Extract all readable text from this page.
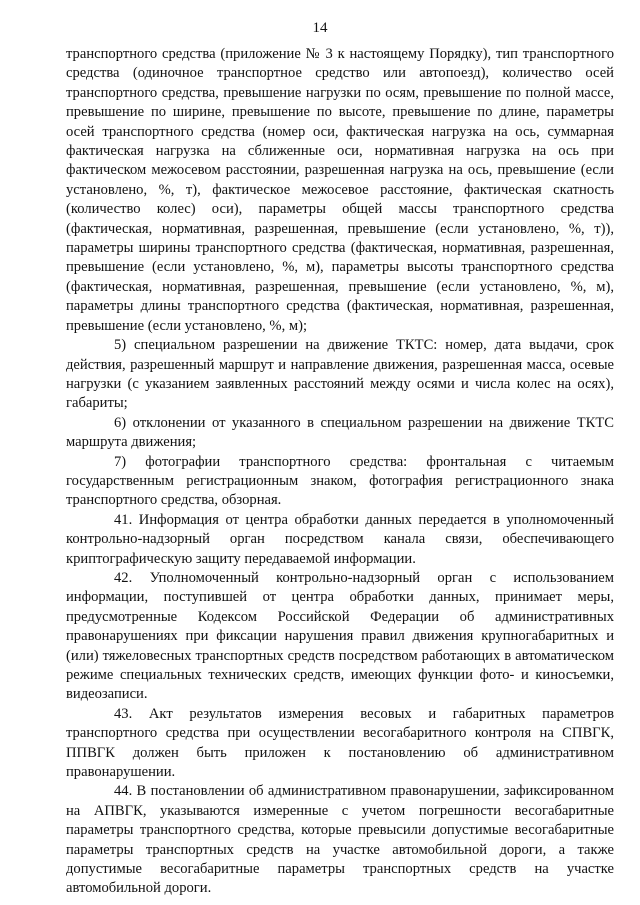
14

транспортного средства (приложение № 3 к настоящему Порядку), тип транспортного средства (одиночное транспортное средство или автопоезд), количество осей транспортного средства, превышение нагрузки по осям, превышение по полной массе, превышение по ширине, превышение по высоте, превышение по длине, параметры осей транспортного средства (номер оси, фактическая нагрузка на ось, суммарная фактическая нагрузка на сближенные оси, нормативная нагрузка на ось при фактическом межосевом расстоянии, разрешенная нагрузка на ось, превышение (если установлено, %, т), фактическое межосевое расстояние, фактическая скатность (количество колес) оси), параметры общей массы транспортного средства (фактическая, нормативная, разрешенная, превышение (если установлено, %, т)), параметры ширины транспортного средства (фактическая, нормативная, разрешенная, превышение (если установлено, %, м), параметры высоты транспортного средства (фактическая, нормативная, разрешенная, превышение (если установлено, %, м), параметры длины транспортного средства (фактическая, нормативная, разрешенная, превышение (если установлено, %, м);

5) специальном разрешении на движение ТКТС: номер, дата выдачи, срок действия, разрешенный маршрут и направление движения, разрешенная масса, осевые нагрузки (с указанием заявленных расстояний между осями и числа колес на осях), габариты;

6) отклонении от указанного в специальном разрешении на движение ТКТС маршрута движения;

7) фотографии транспортного средства: фронтальная с читаемым государственным регистрационным знаком, фотография регистрационного знака транспортного средства, обзорная.

41. Информация от центра обработки данных передается в уполномоченный контрольно-надзорный орган посредством канала связи, обеспечивающего криптографическую защиту передаваемой информации.

42. Уполномоченный контрольно-надзорный орган с использованием информации, поступившей от центра обработки данных, принимает меры, предусмотренные Кодексом Российской Федерации об административных правонарушениях при фиксации нарушения правил движения крупногабаритных и (или) тяжеловесных транспортных средств посредством работающих в автоматическом режиме специальных технических средств, имеющих функции фото- и киносъемки, видеозаписи.

43. Акт результатов измерения весовых и габаритных параметров транспортного средства при осуществлении весогабаритного контроля на СПВГК, ППВГК должен быть приложен к постановлению об административном правонарушении.

44. В постановлении об административном правонарушении, зафиксированном на АПВГК, указываются измеренные с учетом погрешности весогабаритные параметры транспортного средства, которые превысили допустимые весогабаритные параметры транспортных средств на участке автомобильной дороги, а также допустимые весогабаритные параметры транспортных средств на участке автомобильной дороги.
